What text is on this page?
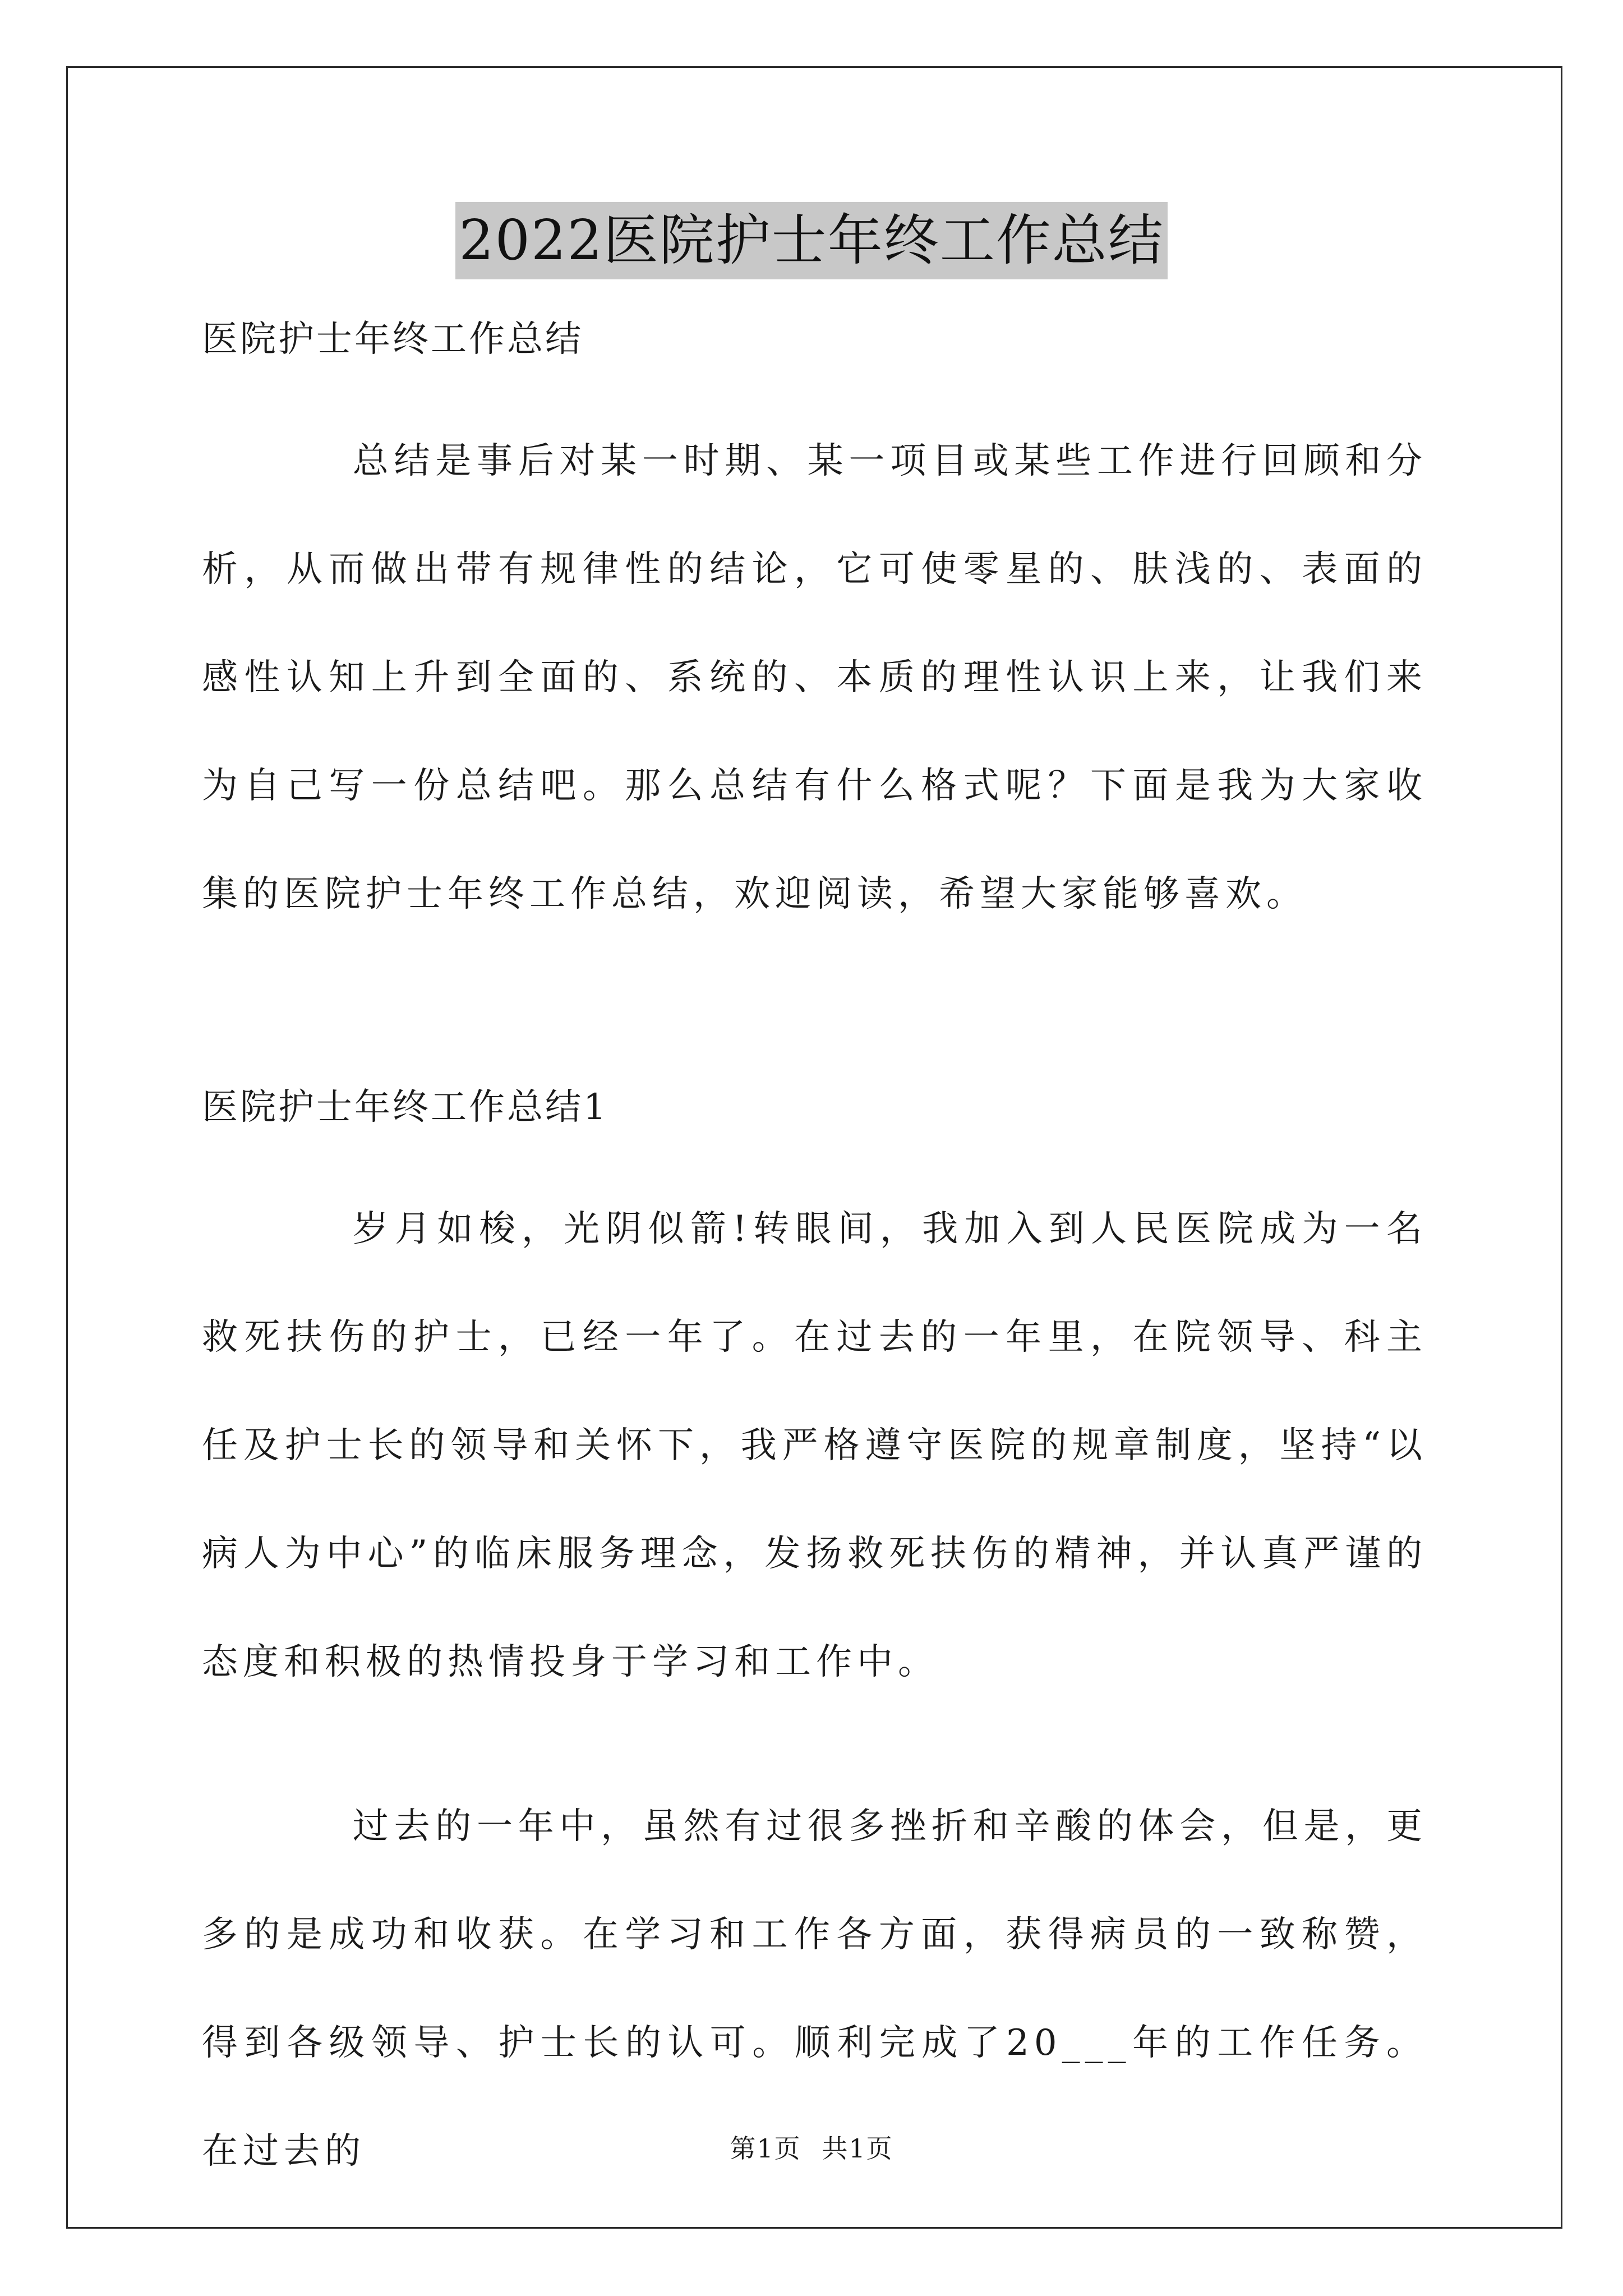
2022医院护士年终工作总结

医院护士年终工作总结

总结是事后对某一时期、某一项目或某些工作进行回顾和分析，从而做出带有规律性的结论，它可使零星的、肤浅的、表面的感性认知上升到全面的、系统的、本质的理性认识上来，让我们来为自己写一份总结吧。那么总结有什么格式呢？下面是我为大家收集的医院护士年终工作总结，欢迎阅读，希望大家能够喜欢。

医院护士年终工作总结1

岁月如梭，光阴似箭!转眼间，我加入到人民医院成为一名救死扶伤的护士，已经一年了。在过去的一年里，在院领导、科主任及护士长的领导和关怀下，我严格遵守医院的规章制度，坚持“以病人为中心”的临床服务理念，发扬救死扶伤的精神，并认真严谨的态度和积极的热情投身于学习和工作中。

过去的一年中，虽然有过很多挫折和辛酸的体会，但是，更多的是成功和收获。在学习和工作各方面，获得病员的一致称赞，得到各级领导、护士长的认可。顺利完成了20___年的工作任务。在过去的	第1页 共1页
